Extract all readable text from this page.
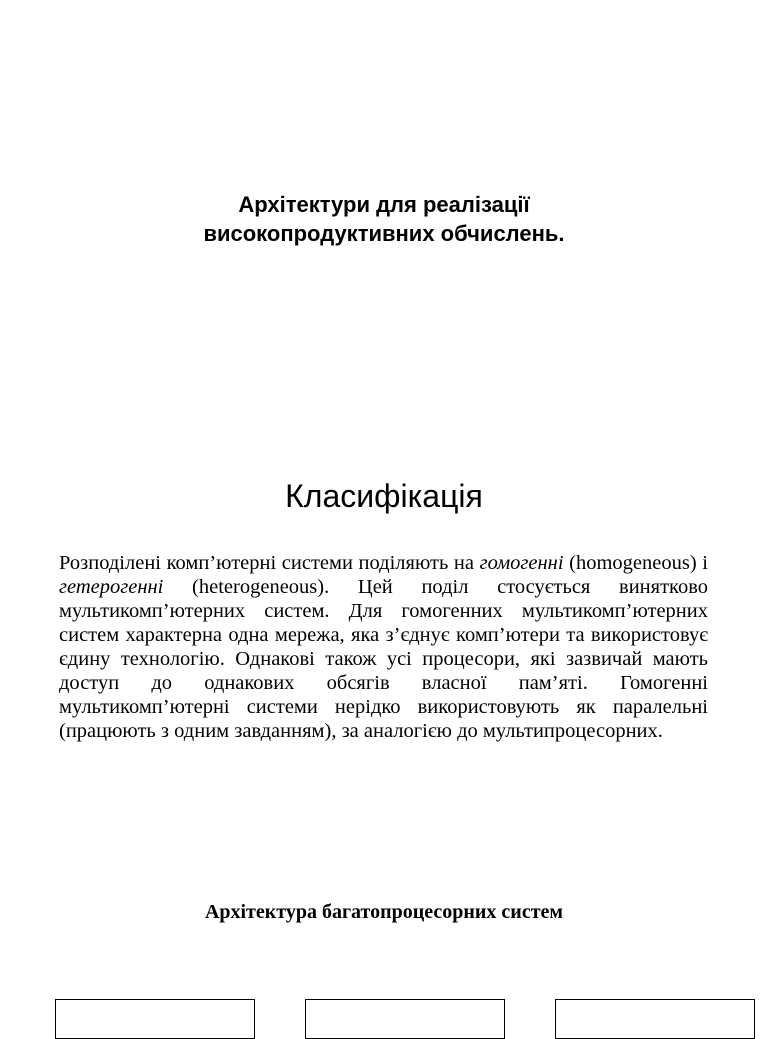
Архітектури для реалізації
високопродуктивних обчислень.
Класифікація

Розподілені комп’ютерні системи поділяють на гомогенні (homogeneous) і гетерогенні (heterogeneous). Цей поділ стосується винятково мультикомп’ютерних систем. Для гомогенних мультикомп’ютерних систем характерна одна мережа, яка з’єднує комп’ютери та використовує єдину технологію. Однакові також усі процесори, які зазвичай мають доступ до однакових обсягів власної пам’яті. Гомогенні мультикомп’ютерні системи нерідко використовують як паралельні (працюють з одним завданням), за аналогією до мультипроцесорних.

Архітектура багатопроцесорних систем
